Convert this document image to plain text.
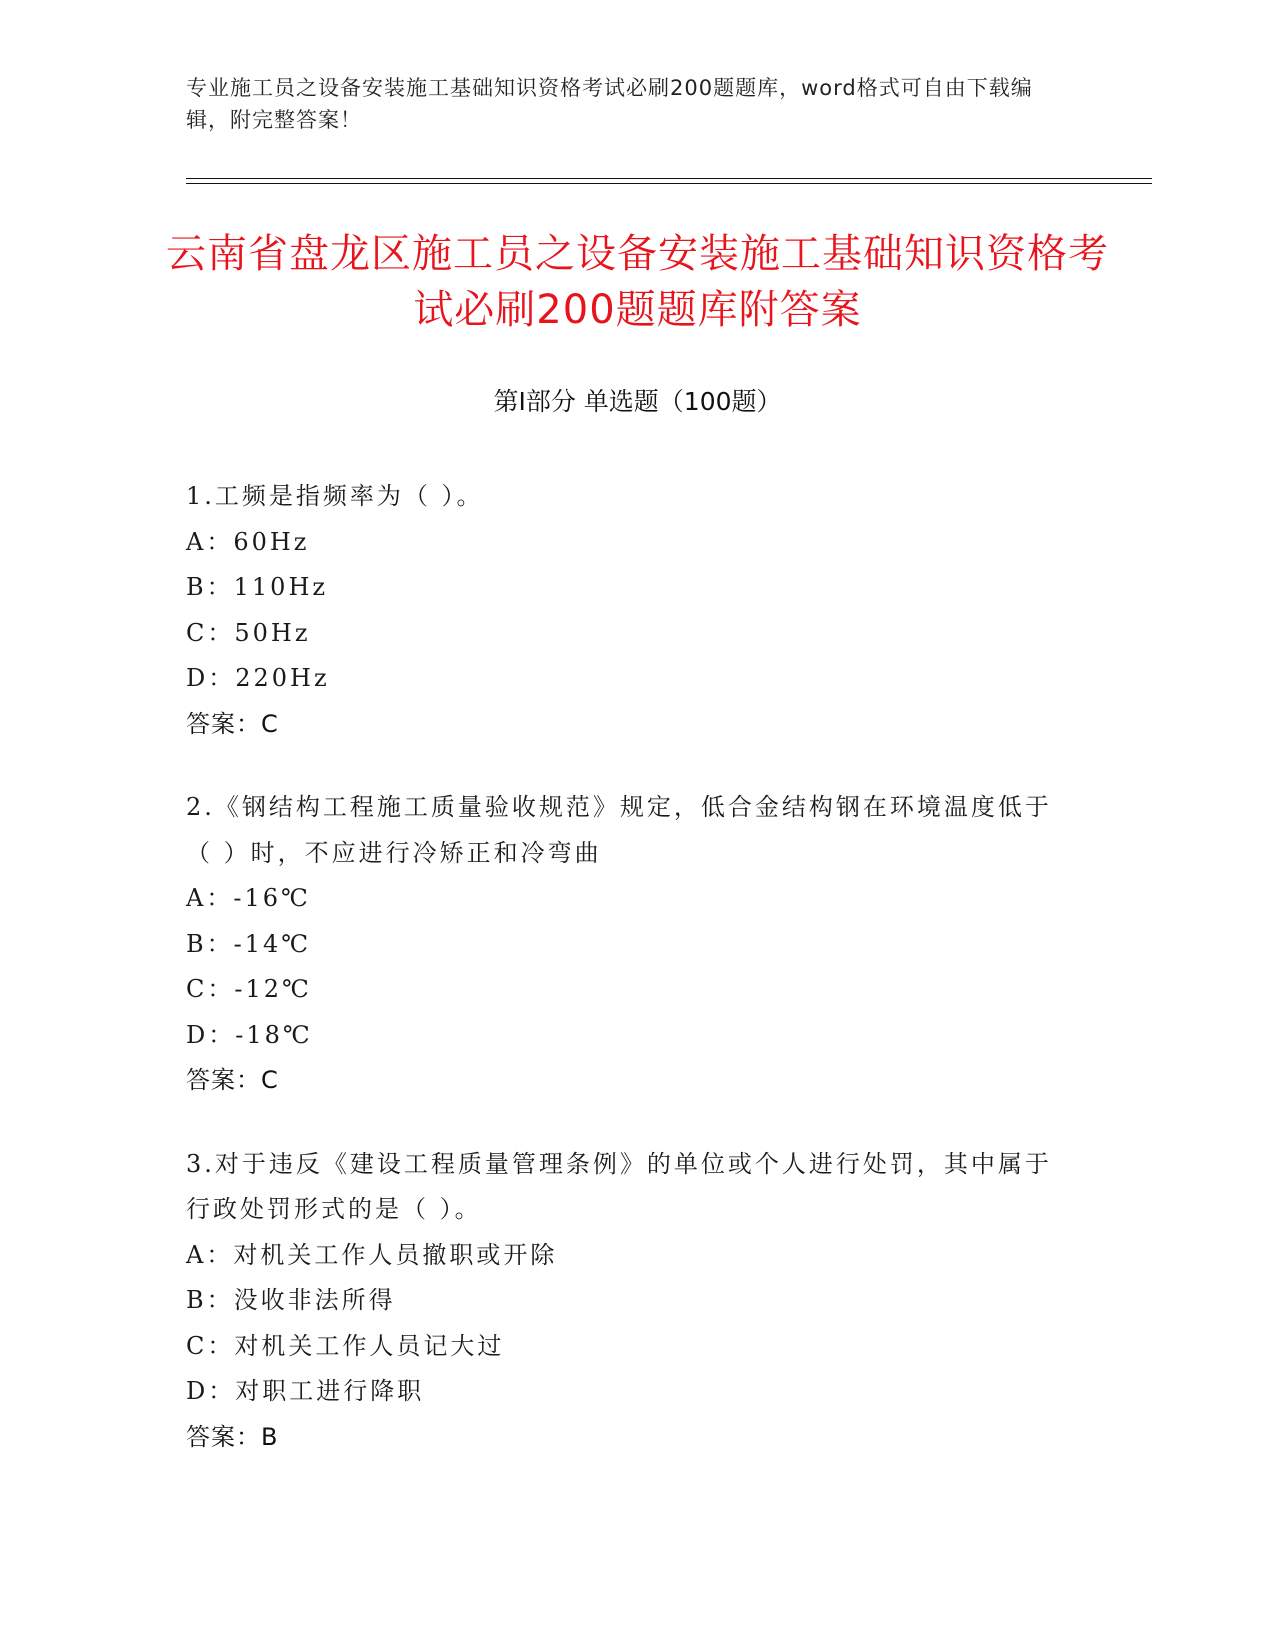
专业施工员之设备安装施工基础知识资格考试必刷200题题库，word格式可自由下载编辑，附完整答案！
云南省盘龙区施工员之设备安装施工基础知识资格考试必刷200题题库附答案
第Ⅰ部分 单选题（100题）
1.工频是指频率为（ ）。
A：60Hz
B：110Hz
C：50Hz
D：220Hz
答案：C
2.《钢结构工程施工质量验收规范》规定，低合金结构钢在环境温度低于（ ）时，不应进行冷矫正和冷弯曲
A：-16℃
B：-14℃
C：-12℃
D：-18℃
答案：C
3.对于违反《建设工程质量管理条例》的单位或个人进行处罚，其中属于行政处罚形式的是（ ）。
A：对机关工作人员撤职或开除
B：没收非法所得
C：对机关工作人员记大过
D：对职工进行降职
答案：B
